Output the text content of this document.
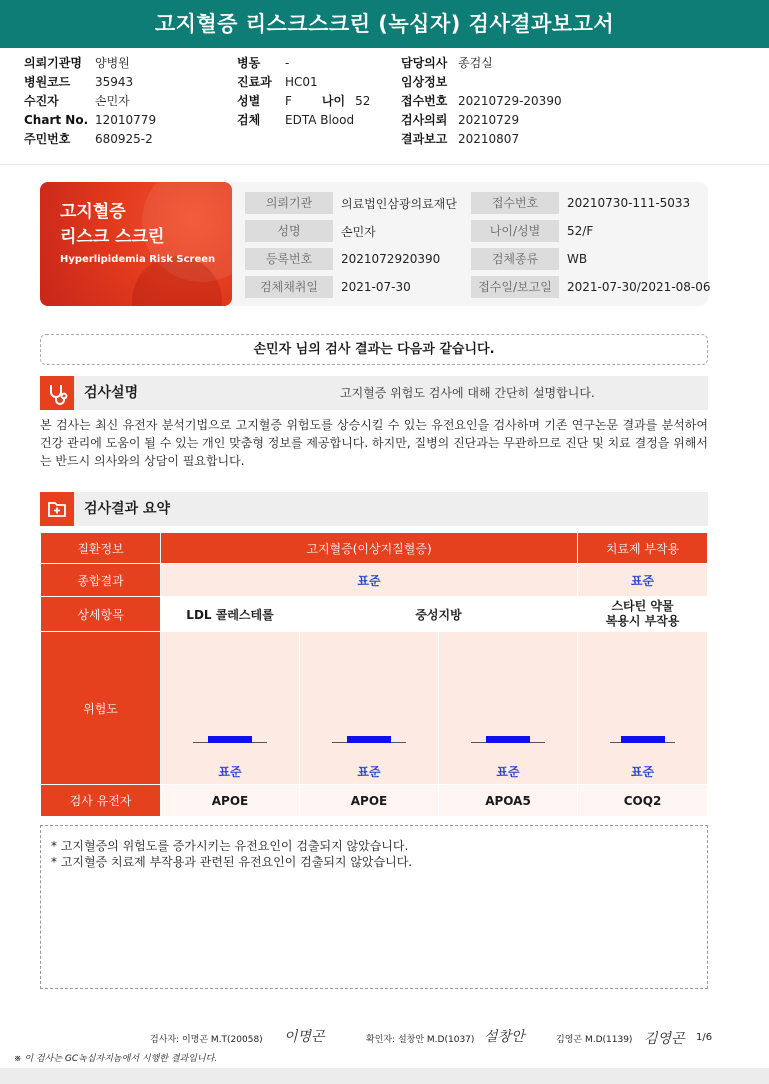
고지혈증 리스크스크린 (녹십자) 검사결과보고서
의뢰기관명	양병원
병원코드	35943
수진자	손민자
Chart No. 12010779
주민번호	680925-2
병동	-
진료과	HC01
성별	F	나이 52
검체	EDTA Blood
담당의사 종검실
임상정보
접수번호 20210729-20390
검사의뢰 20210729
결과보고 20210807
고지혈증
리스크 스크린
Hyperlipidemia Risk Screen
의뢰기관	의료법인삼광의료재단	접수번호	20210730-111-5033
성명	손민자	나이/성별	52/F
등록번호	2021072920390	검체종류	WB
검체채취일	2021-07-30	접수일/보고일	2021-07-30/2021-08-06
손민자 님의 검사 결과는 다음과 같습니다.
검사설명	고지혈증 위험도 검사에 대해 간단히 설명합니다.
본 검사는 최신 유전자 분석기법으로 고지혈증 위험도를 상승시킬 수 있는 유전요인을 검사하며 기존 연구논문 결과를 분석하여 건강 관리에 도움이 될 수 있는 개인 맞춤형 정보를 제공합니다. 하지만, 질병의 진단과는 무관하므로 진단 및 치료 결정을 위해서는 반드시 의사와의 상담이 필요합니다.
검사결과 요약
질환정보	고지혈증(이상지질혈증)			치료제 부작용
종합결과	표준			표준
상세항목	LDL 콜레스테롤	중성지방		스타틴 약물
복용시 부작용
위험도	표준	표준	표준	표준

검사 유전자	APOE	APOE	APOA5	COQ2
* 고지혈증의 위험도를 증가시키는 유전요인이 검출되지 않았습니다.
* 고지혈증 치료제 부작용과 관련된 유전요인이 검출되지 않았습니다.
검사자: 이명곤 M.T(20058) 이명곤	확인자: 설창안 M.D(1037) 설창안	김영곤 M.D(1139) 김영곤 1/6
※ 이 검사는 GC녹십자지놈에서 시행한 결과입니다.
